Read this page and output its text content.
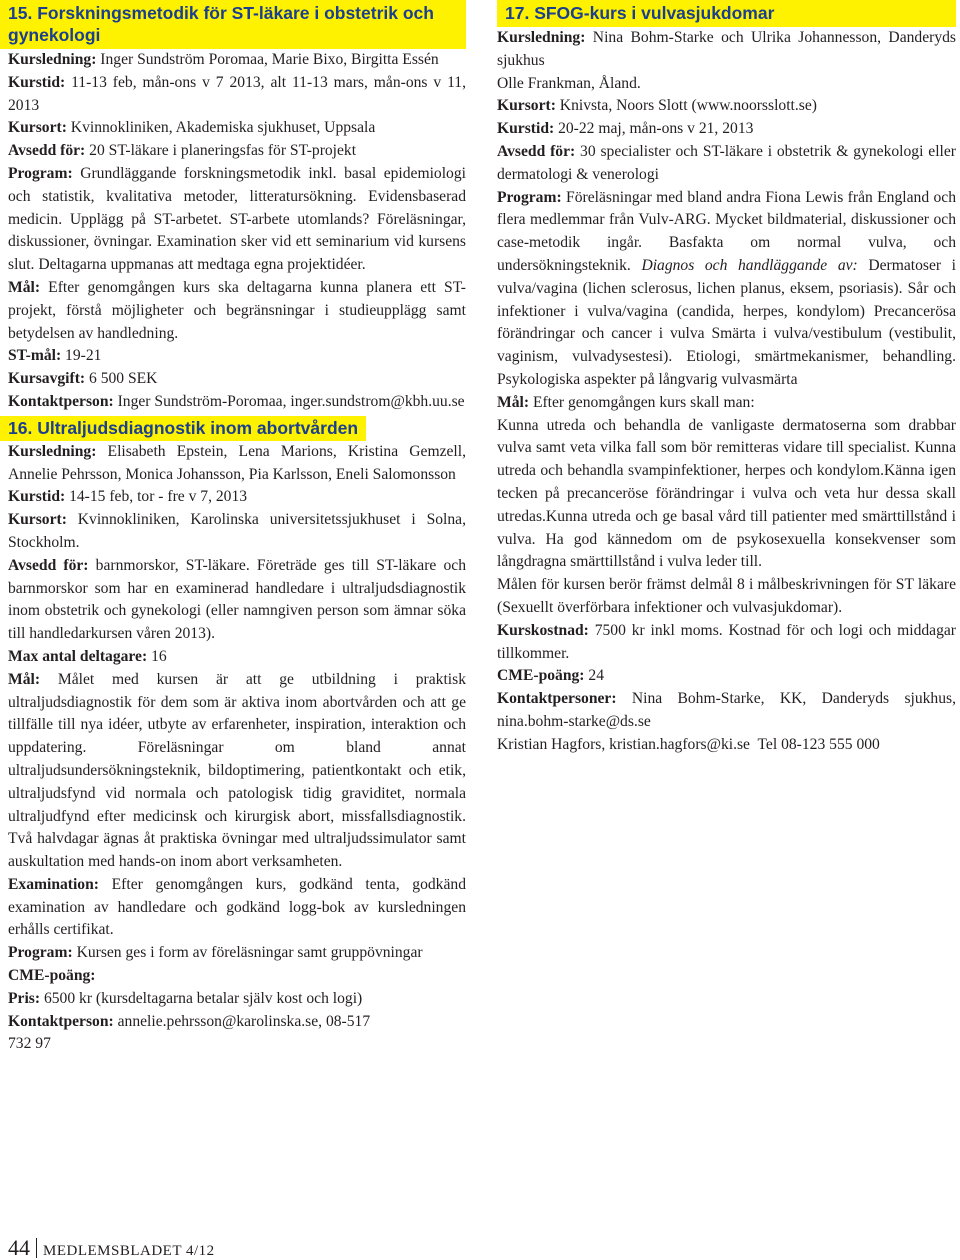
15. Forskningsmetodik för ST-läkare i obstetrik och gynekologi

Kursledning: Inger Sundström Poromaa, Marie Bixo, Birgitta Essén

Kurstid: 11-13 feb, mån-ons v 7 2013, alt 11-13 mars, mån-ons v 11, 2013

Kursort: Kvinnokliniken, Akademiska sjukhuset, Uppsala

Avsedd för: 20 ST-läkare i planeringsfas för ST-projekt

Program: Grundläggande forskningsmetodik inkl. basal epidemiologi och statistik, kvalitativa metoder, litteratursökning. Evidensbaserad medicin. Upplägg på ST-arbetet. ST-arbete utomlands? Föreläsningar, diskussioner, övningar. Examination sker vid ett seminarium vid kursens slut. Deltagarna uppmanas att medtaga egna projektidéer.

Mål: Efter genomgången kurs ska deltagarna kunna planera ett ST-projekt, förstå möjligheter och begränsningar i studieupplägg samt betydelsen av handledning.

ST-mål: 19-21

Kursavgift: 6 500 SEK

Kontaktperson: Inger Sundström-Poromaa, inger.sundstrom@kbh.uu.se

16. Ultraljudsdiagnostik inom abortvården

Kursledning: Elisabeth Epstein, Lena Marions, Kristina Gemzell, Annelie Pehrsson, Monica Johansson, Pia Karlsson, Eneli Salomonsson

Kurstid: 14-15 feb, tor - fre v 7, 2013

Kursort: Kvinnokliniken, Karolinska universitetssjukhuset i Solna, Stockholm.

Avsedd för: barnmorskor, ST-läkare. Företräde ges till ST-läkare och barnmorskor som har en examinerad handledare i ultraljudsdiagnostik inom obstetrik och gynekologi (eller namngiven person som ämnar söka till handledarkursen våren 2013).

Max antal deltagare: 16

Mål: Målet med kursen är att ge utbildning i praktisk ultraljudsdiagnostik för dem som är aktiva inom abortvården och att ge tillfälle till nya idéer, utbyte av erfarenheter, inspiration, interaktion och uppdatering. Föreläsningar om bland annat ultraljudsundersökningsteknik, bildoptimering, patientkontakt och etik, ultraljudsfynd vid normala och patologisk tidig graviditet, normala ultraljudfynd efter medicinsk och kirurgisk abort, missfallsdiagnostik. Två halvdagar ägnas åt praktiska övningar med ultraljudssimulator samt auskultation med hands-on inom abort verksamheten.

Examination: Efter genomgången kurs, godkänd tenta, godkänd examination av handledare och godkänd logg-bok av kursledningen erhålls certifikat.

Program: Kursen ges i form av föreläsningar samt gruppövningar

CME-poäng:

Pris: 6500 kr (kursdeltagarna betalar själv kost och logi)

Kontaktperson: annelie.pehrsson@karolinska.se, 08-517 732 97

17. SFOG-kurs i vulvasjukdomar

Kursledning: Nina Bohm-Starke och Ulrika Johannesson, Danderyds sjukhus

Olle Frankman, Åland.

Kursort: Knivsta, Noors Slott (www.noorsslott.se)

Kurstid: 20-22 maj, mån-ons v 21, 2013

Avsedd för: 30 specialister och ST-läkare i obstetrik & gynekologi eller dermatologi & venerologi

Program: Föreläsningar med bland andra Fiona Lewis från England och flera medlemmar från Vulv-ARG. Mycket bildmaterial, diskussioner och case-metodik ingår. Basfakta om normal vulva, och undersökningsteknik. Diagnos och handläggande av: Dermatoser i vulva/vagina (lichen sclerosus, lichen planus, eksem, psoriasis). Sår och infektioner i vulva/vagina (candida, herpes, kondylom) Precancerösa förändringar och cancer i vulva Smärta i vulva/vestibulum (vestibulit, vaginism, vulvadysestesi). Etiologi, smärtmekanismer, behandling. Psykologiska aspekter på långvarig vulvasmärta

Mål: Efter genomgången kurs skall man:

Kunna utreda och behandla de vanligaste dermatoserna som drabbar vulva samt veta vilka fall som bör remitteras vidare till specialist. Kunna utreda och behandla svampinfektioner, herpes och kondylom.Känna igen tecken på precanceröse förändringar i vulva och veta hur dessa skall utredas.Kunna utreda och ge basal vård till patienter med smärttillstånd i vulva. Ha god kännedom om de psykosexuella konsekvenser som långdragna smärttillstånd i vulva leder till.

Målen för kursen berör främst delmål 8 i målbeskrivningen för ST läkare (Sexuellt överförbara infektioner och vulvasjukdomar).

Kurskostnad: 7500 kr inkl moms. Kostnad för och logi och middagar tillkommer.

CME-poäng: 24

Kontaktpersoner: Nina Bohm-Starke, KK, Danderyds sjukhus, nina.bohm-starke@ds.se

Kristian Hagfors, kristian.hagfors@ki.se  Tel 08-123 555 000

44 MEDLEMSBLADET 4/12
